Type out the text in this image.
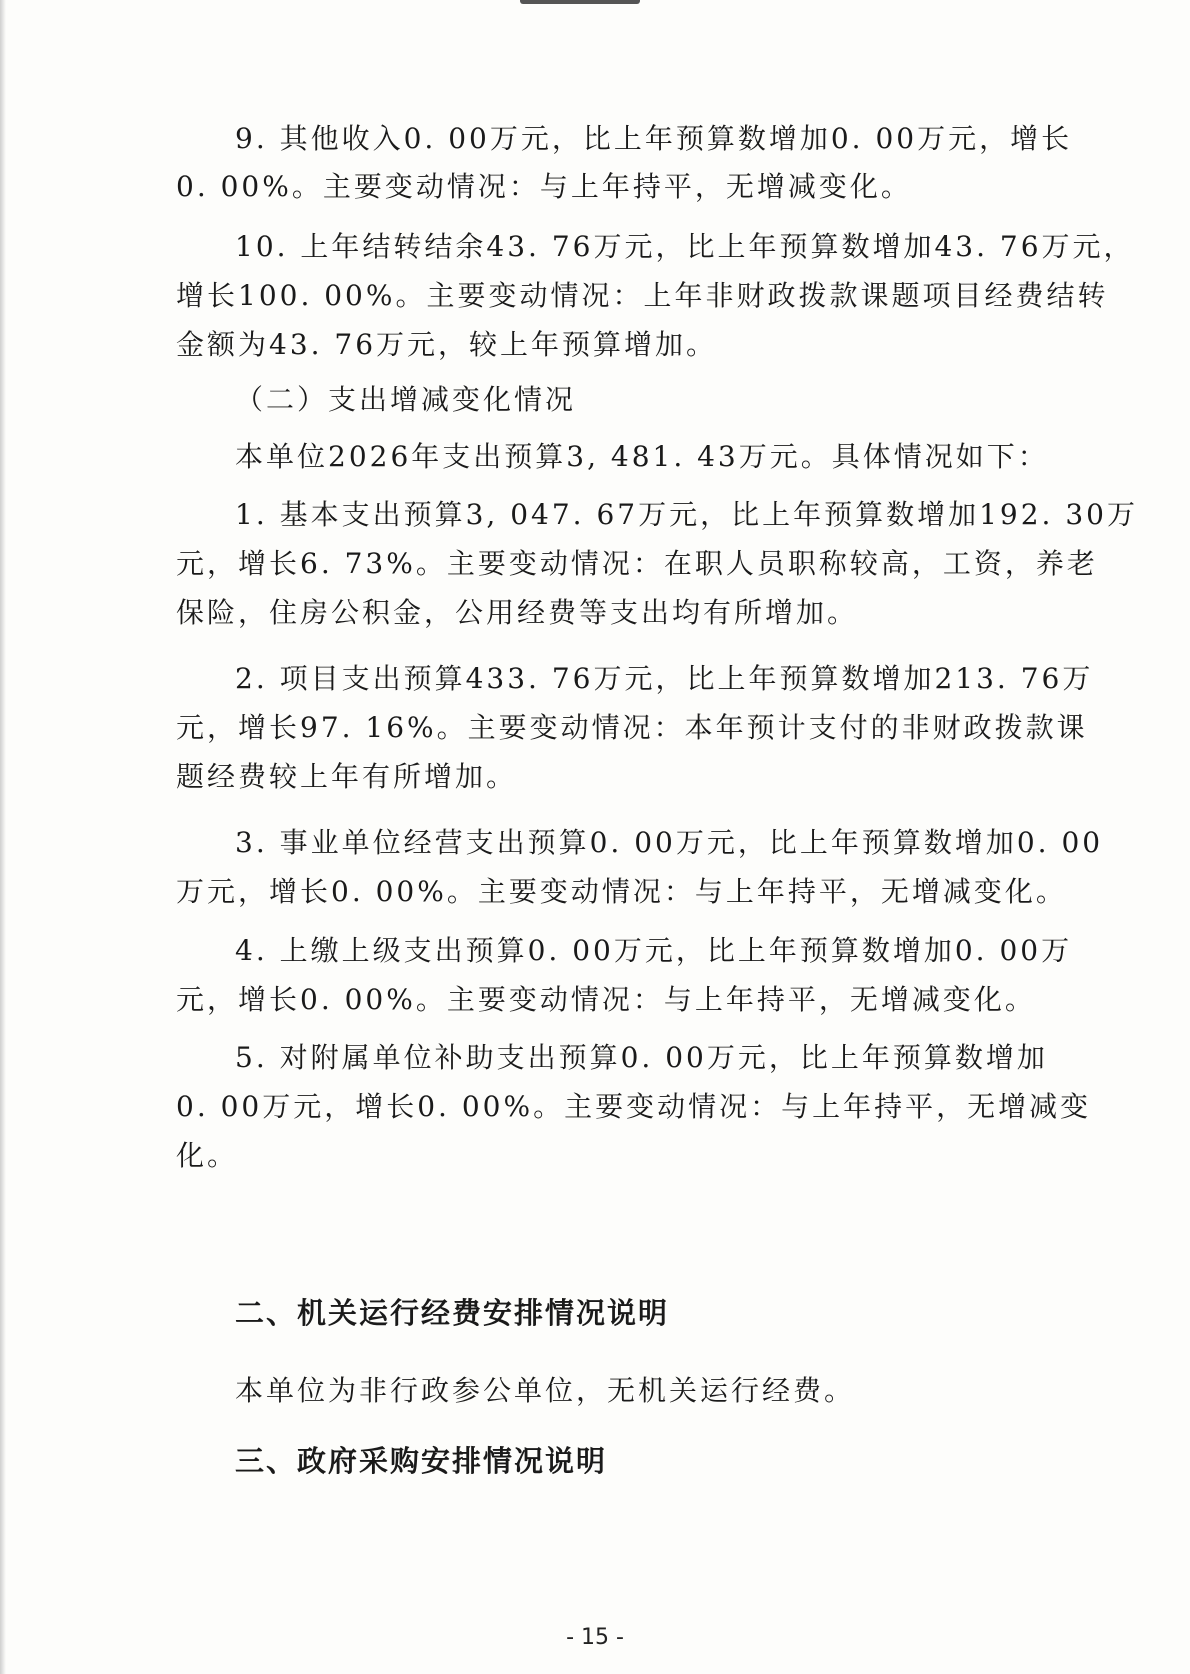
9. 其他收入0. 00万元，比上年预算数增加0. 00万元，增长
0. 00%。主要变动情况：与上年持平，无增减变化。
10. 上年结转结余43. 76万元，比上年预算数增加43. 76万元，
增长100. 00%。主要变动情况：上年非财政拨款课题项目经费结转
金额为43. 76万元，较上年预算增加。
（二）支出增减变化情况
本单位2026年支出预算3, 481. 43万元。具体情况如下：
1. 基本支出预算3, 047. 67万元，比上年预算数增加192. 30万
元，增长6. 73%。主要变动情况：在职人员职称较高，工资，养老
保险，住房公积金，公用经费等支出均有所增加。
2. 项目支出预算433. 76万元，比上年预算数增加213. 76万
元，增长97. 16%。主要变动情况：本年预计支付的非财政拨款课
题经费较上年有所增加。
3. 事业单位经营支出预算0. 00万元，比上年预算数增加0. 00
万元，增长0. 00%。主要变动情况：与上年持平，无增减变化。
4. 上缴上级支出预算0. 00万元，比上年预算数增加0. 00万
元，增长0. 00%。主要变动情况：与上年持平，无增减变化。
5. 对附属单位补助支出预算0. 00万元，比上年预算数增加
0. 00万元，增长0. 00%。主要变动情况：与上年持平，无增减变
化。
二、机关运行经费安排情况说明
本单位为非行政参公单位，无机关运行经费。
三、政府采购安排情况说明
- 15 -
